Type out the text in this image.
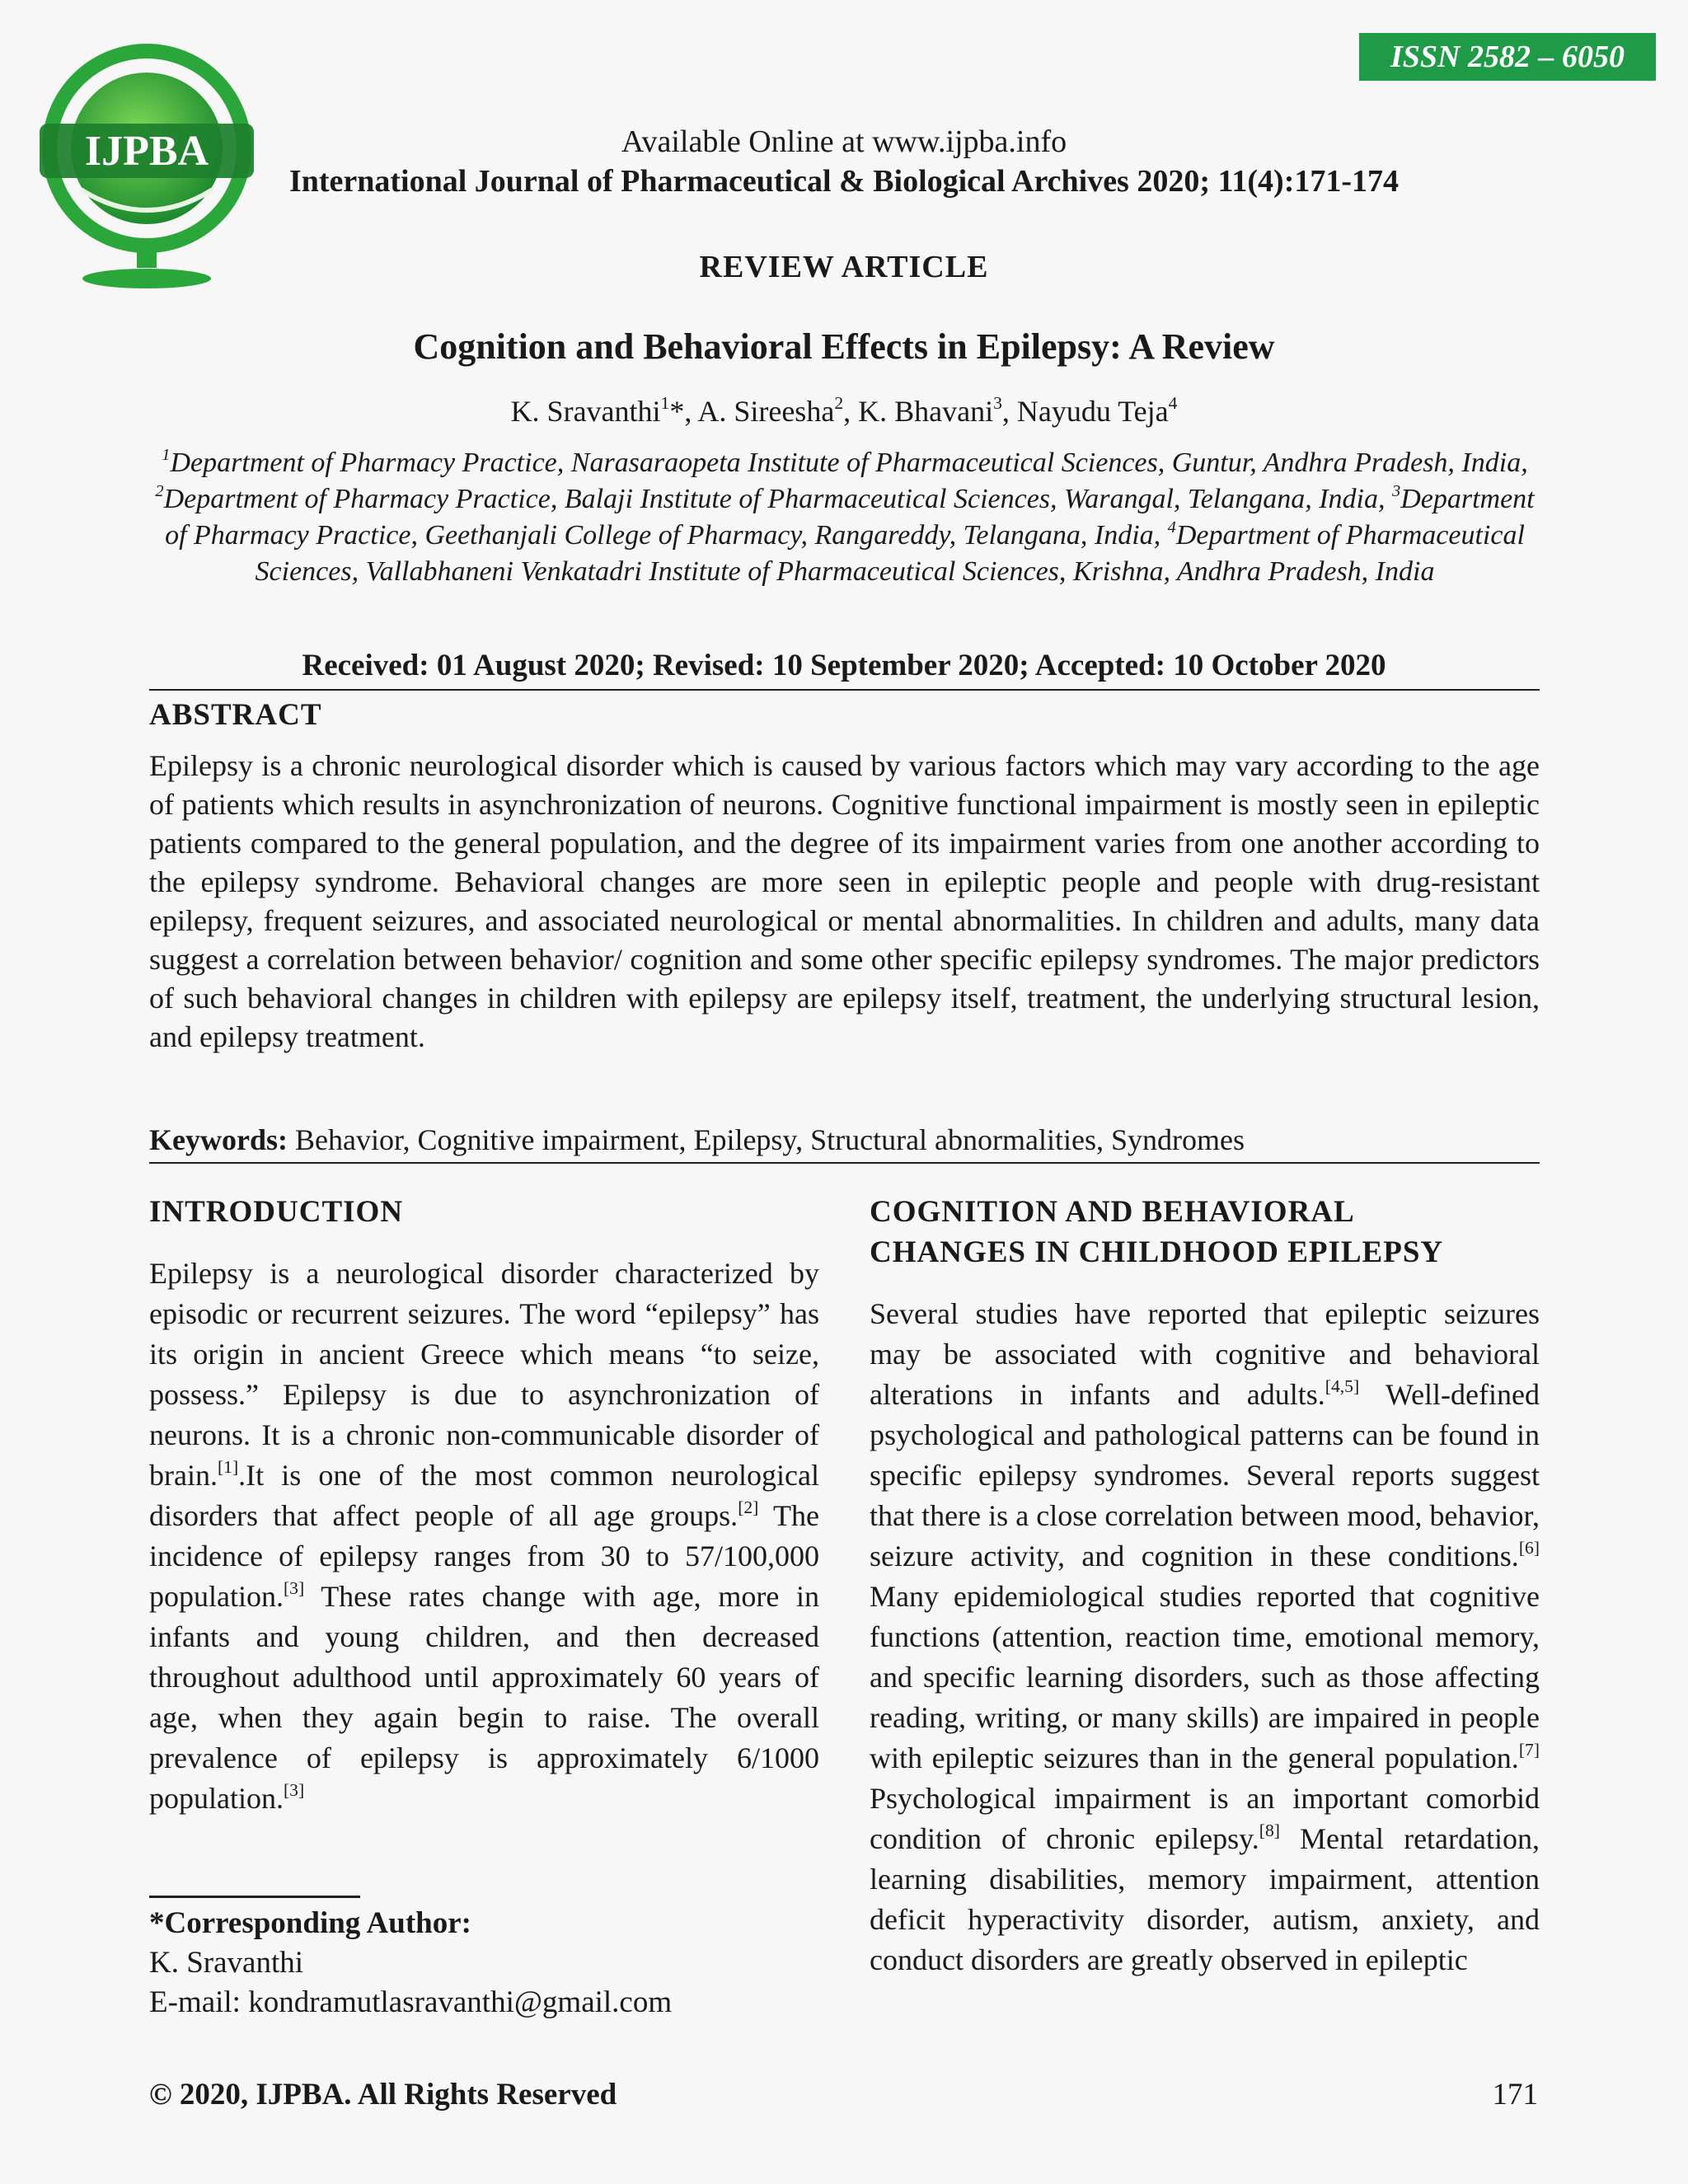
IJPBA
ISSN 2582 – 6050
Available Online at www.ijpba.info
International Journal of Pharmaceutical & Biological Archives 2020; 11(4):171-174
REVIEW ARTICLE
Cognition and Behavioral Effects in Epilepsy: A Review
K. Sravanthi$^1$*, A. Sireesha$^2$, K. Bhavani$^3$, Nayudu Teja$^4$
$^1$Department of Pharmacy Practice, Narasaraopeta Institute of Pharmaceutical Sciences, Guntur, Andhra Pradesh, India, $^2$Department of Pharmacy Practice, Balaji Institute of Pharmaceutical Sciences, Warangal, Telangana, India, $^3$Department of Pharmacy Practice, Geethanjali College of Pharmacy, Rangareddy, Telangana, India, $^4$Department of Pharmaceutical Sciences, Vallabhaneni Venkatadri Institute of Pharmaceutical Sciences, Krishna, Andhra Pradesh, India
Received: 01 August 2020; Revised: 10 September 2020; Accepted: 10 October 2020
ABSTRACT
Epilepsy is a chronic neurological disorder which is caused by various factors which may vary according to the age of patients which results in asynchronization of neurons. Cognitive functional impairment is mostly seen in epileptic patients compared to the general population, and the degree of its impairment varies from one another according to the epilepsy syndrome. Behavioral changes are more seen in epileptic people and people with drug-resistant epilepsy, frequent seizures, and associated neurological or mental abnormalities. In children and adults, many data suggest a correlation between behavior/ cognition and some other specific epilepsy syndromes. The major predictors of such behavioral changes in children with epilepsy are epilepsy itself, treatment, the underlying structural lesion, and epilepsy treatment.
Keywords: Behavior, Cognitive impairment, Epilepsy, Structural abnormalities, Syndromes
INTRODUCTION

Epilepsy is a neurological disorder characterized by episodic or recurrent seizures. The word “epilepsy” has its origin in ancient Greece which means “to seize, possess.” Epilepsy is due to asynchronization of neurons. It is a chronic non-communicable disorder of brain.[1].It is one of the most common neurological disorders that affect people of all age groups.[2] The incidence of epilepsy ranges from 30 to 57/100,000 population.[3] These rates change with age, more in infants and young children, and then decreased throughout adulthood until approximately 60 years of age, when they again begin to raise. The overall prevalence of epilepsy is approximately 6/1000 population.[3]

COGNITION AND BEHAVIORAL
CHANGES IN CHILDHOOD EPILEPSY

Several studies have reported that epileptic seizures may be associated with cognitive and behavioral alterations in infants and adults.[4,5] Well-defined psychological and pathological patterns can be found in specific epilepsy syndromes. Several reports suggest that there is a close correlation between mood, behavior, seizure activity, and cognition in these conditions.[6] Many epidemiological studies reported that cognitive functions (attention, reaction time, emotional memory, and specific learning disorders, such as those affecting reading, writing, or many skills) are impaired in people with epileptic seizures than in the general population.[7] Psychological impairment is an important comorbid condition of chronic epilepsy.[8] Mental retardation, learning disabilities, memory impairment, attention deficit hyperactivity disorder, autism, anxiety, and conduct disorders are greatly observed in epileptic

*Corresponding Author:
K. Sravanthi
E-mail: kondramutlasravanthi@gmail.com
© 2020, IJPBA. All Rights Reserved	171
